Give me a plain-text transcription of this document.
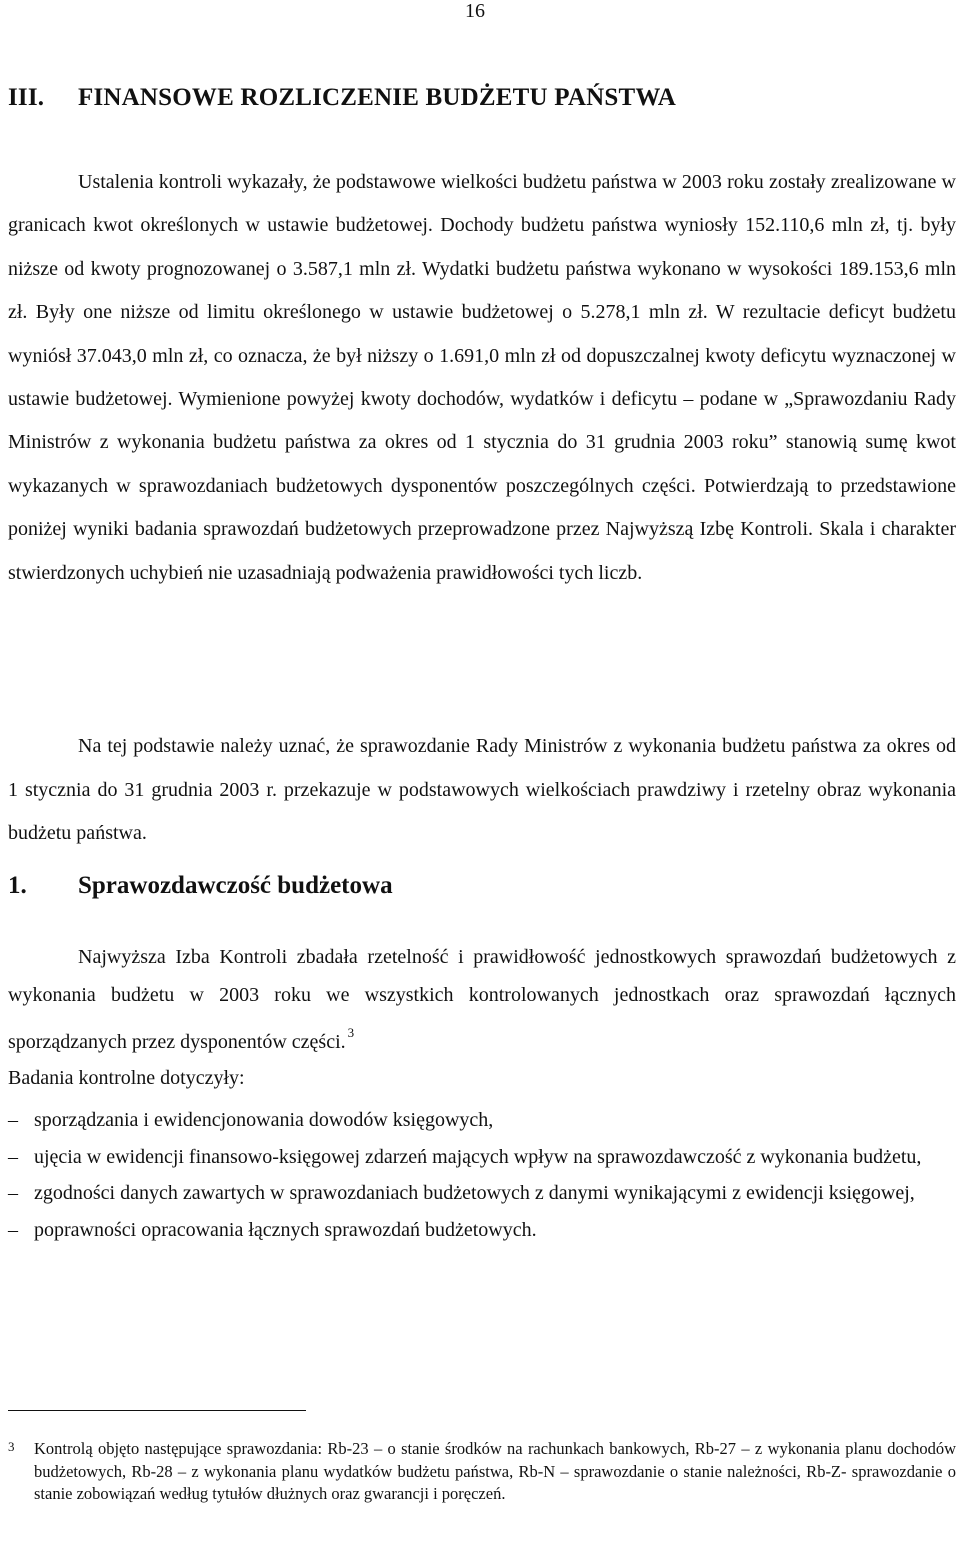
16
III. FINANSOWE ROZLICZENIE BUDŻETU PAŃSTWA
Ustalenia kontroli wykazały, że podstawowe wielkości budżetu państwa w 2003 roku zostały zrealizowane w granicach kwot określonych w ustawie budżetowej. Dochody budżetu państwa wyniosły 152.110,6 mln zł, tj. były niższe od kwoty prognozowanej o 3.587,1 mln zł. Wydatki budżetu państwa wykonano w wysokości 189.153,6 mln zł. Były one niższe od limitu określonego w ustawie budżetowej o 5.278,1 mln zł. W rezultacie deficyt budżetu wyniósł 37.043,0 mln zł, co oznacza, że był niższy o 1.691,0 mln zł od dopuszczalnej kwoty deficytu wyznaczonej w ustawie budżetowej. Wymienione powyżej kwoty dochodów, wydatków i deficytu – podane w „Sprawozdaniu Rady Ministrów z wykonania budżetu państwa za okres od 1 stycznia do 31 grudnia 2003 roku” stanowią sumę kwot wykazanych w sprawozdaniach budżetowych dysponentów poszczególnych części. Potwierdzają to przedstawione poniżej wyniki badania sprawozdań budżetowych przeprowadzone przez Najwyższą Izbę Kontroli. Skala i charakter stwierdzonych uchybień nie uzasadniają podważenia prawidłowości tych liczb.
Na tej podstawie należy uznać, że sprawozdanie Rady Ministrów z wykonania budżetu państwa za okres od 1 stycznia do 31 grudnia 2003 r. przekazuje w podstawowych wielkościach prawdziwy i rzetelny obraz wykonania budżetu państwa.
1. Sprawozdawczość budżetowa
Najwyższa Izba Kontroli zbadała rzetelność i prawidłowość jednostkowych sprawozdań budżetowych z wykonania budżetu w 2003 roku we wszystkich kontrolowanych jednostkach oraz sprawozdań łącznych sporządzanych przez dysponentów części. $^3$
Badania kontrolne dotyczyły:
– sporządzania i ewidencjonowania dowodów księgowych,
– ujęcia w ewidencji finansowo-księgowej zdarzeń mających wpływ na sprawozdawczość z wykonania budżetu,
– zgodności danych zawartych w sprawozdaniach budżetowych z danymi wynikającymi z ewidencji księgowej,
– poprawności opracowania łącznych sprawozdań budżetowych.
3 Kontrolą objęto następujące sprawozdania: Rb-23 – o stanie środków na rachunkach bankowych, Rb-27 – z wykonania planu dochodów budżetowych, Rb-28 – z wykonania planu wydatków budżetu państwa, Rb-N – sprawozdanie o stanie należności, Rb-Z- sprawozdanie o stanie zobowiązań według tytułów dłużnych oraz gwarancji i poręczeń.
